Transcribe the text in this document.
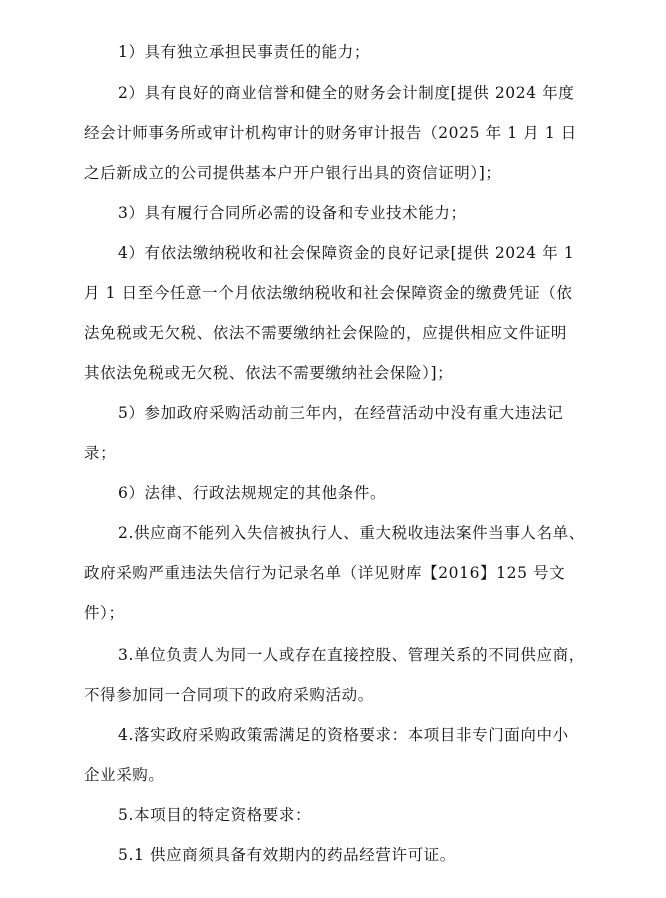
1）具有独立承担民事责任的能力；
2）具有良好的商业信誉和健全的财务会计制度[提供 2024 年度
经会计师事务所或审计机构审计的财务审计报告（2025 年 1 月 1 日
之后新成立的公司提供基本户开户银行出具的资信证明）]；
3）具有履行合同所必需的设备和专业技术能力；
4）有依法缴纳税收和社会保障资金的良好记录[提供 2024 年 1
月 1 日至今任意一个月依法缴纳税收和社会保障资金的缴费凭证（依
法免税或无欠税、依法不需要缴纳社会保险的，应提供相应文件证明
其依法免税或无欠税、依法不需要缴纳社会保险）]；
5）参加政府采购活动前三年内，在经营活动中没有重大违法记
录；
6）法律、行政法规规定的其他条件。
2.供应商不能列入失信被执行人、重大税收违法案件当事人名单、
政府采购严重违法失信行为记录名单（详见财库【2016】125 号文
件）；
3.单位负责人为同一人或存在直接控股、管理关系的不同供应商，
不得参加同一合同项下的政府采购活动。
4.落实政府采购政策需满足的资格要求：本项目非专门面向中小
企业采购。
5.本项目的特定资格要求：
5.1 供应商须具备有效期内的药品经营许可证。
